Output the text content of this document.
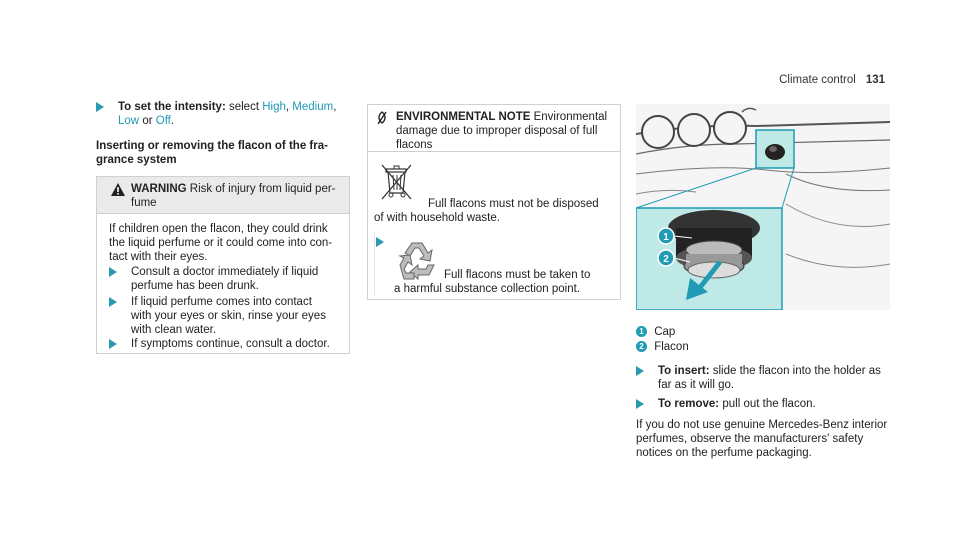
Climate control 131
To set the intensity: select High, Medium,
Low or Off.
Inserting or removing the flacon of the fra-
grance system
WARNING Risk of injury from liquid per-
fume
If children open the flacon, they could drink
the liquid perfume or it could come into con-
tact with their eyes.
Consult a doctor immediately if liquid
perfume has been drunk.
If liquid perfume comes into contact
with your eyes or skin, rinse your eyes
with clean water.
If symptoms continue, consult a doctor.
ENVIRONMENTAL NOTE Environmental
damage due to improper disposal of full
flacons
Full flacons must not be disposed
of with household waste.
Full flacons must be taken to
a harmful substance collection point.
1
2
1 Cap
2 Flacon
To insert: slide the flacon into the holder as
far as it will go.
To remove: pull out the flacon.
If you do not use genuine Mercedes-Benz interior
perfumes, observe the manufacturers' safety
notices on the perfume packaging.
